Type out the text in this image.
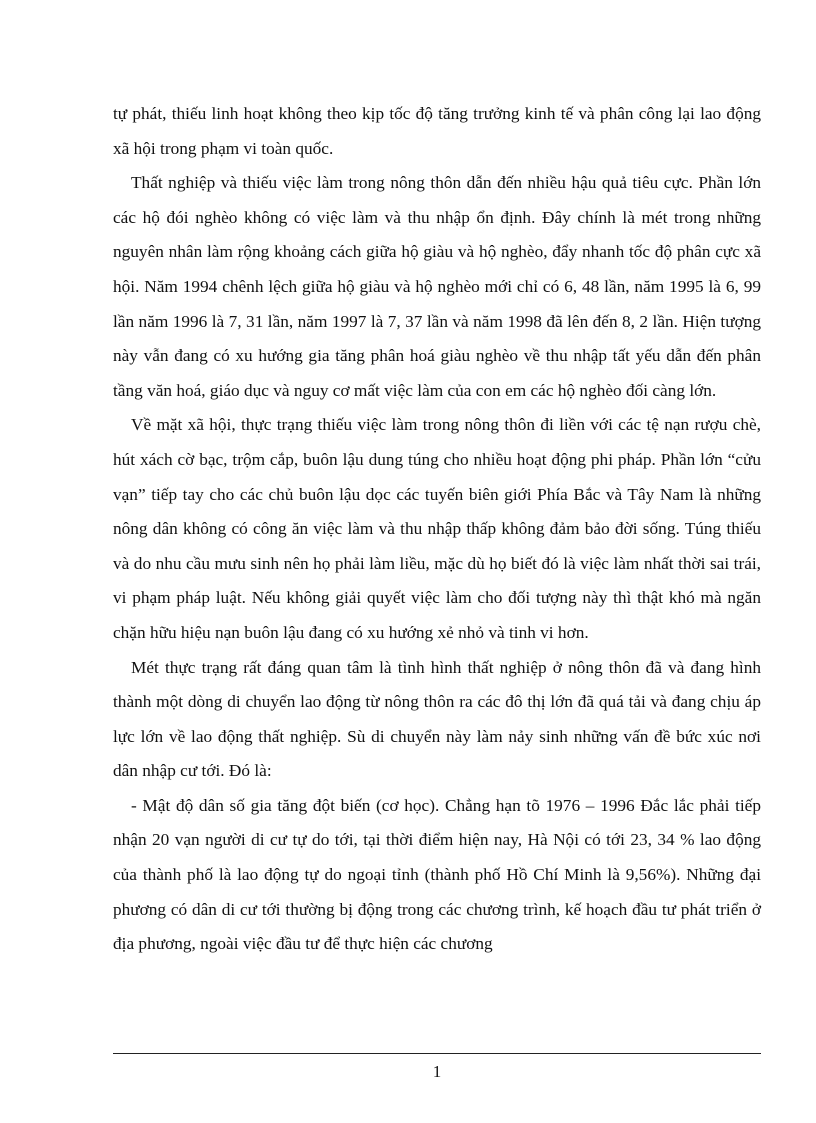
tự phát, thiếu linh hoạt không theo kịp tốc độ tăng trưởng kinh tế và phân công lại lao động xã hội trong phạm vi toàn quốc.

Thất nghiệp và thiếu việc làm trong nông thôn dẫn đến nhiều hậu quả tiêu cực. Phần lớn các hộ đói nghèo không có việc làm và thu nhập ổn định. Đây chính là mét trong những nguyên nhân làm rộng khoảng cách giữa hộ giàu và hộ nghèo, đẩy nhanh tốc độ phân cực xã hội. Năm 1994 chênh lệch giữa hộ giàu và hộ nghèo mới chỉ có 6, 48 lần, năm 1995 là 6, 99 lần năm 1996 là 7, 31 lần, năm 1997 là 7, 37 lần và năm 1998 đã lên đến 8, 2 lần. Hiện tượng này vẫn đang có xu hướng gia tăng phân hoá giàu nghèo về thu nhập tất yếu dẫn đến phân tầng văn hoá, giáo dục và nguy cơ mất việc làm của con em các hộ nghèo đối càng lớn.

Về mặt xã hội, thực trạng thiếu việc làm trong nông thôn đi liền với các tệ nạn rượu chè, hút xách cờ bạc, trộm cắp, buôn lậu dung túng cho nhiều hoạt động phi pháp. Phần lớn “cửu vạn” tiếp tay cho các chủ buôn lậu dọc các tuyến biên giới Phía Bắc và Tây Nam là những nông dân không có công ăn việc làm và thu nhập thấp không đảm bảo đời sống. Túng thiếu và do nhu cầu mưu sinh nên họ phải làm liều, mặc dù họ biết đó là việc làm nhất thời sai trái, vi phạm pháp luật. Nếu không giải quyết việc làm cho đối tượng này thì thật khó mà ngăn chặn hữu hiệu nạn buôn lậu đang có xu hướng xẻ nhỏ và tinh vi hơn.

Mét thực trạng rất đáng quan tâm là tình hình thất nghiệp ở nông thôn đã và đang hình thành một dòng di chuyển lao động từ nông thôn ra các đô thị lớn đã quá tải và đang chịu áp lực lớn về lao động thất nghiệp. Sù di chuyển này làm nảy sinh những vấn đề bức xúc nơi dân nhập cư tới. Đó là:

- Mật độ dân số gia tăng đột biến (cơ học). Chẳng hạn tõ 1976 – 1996 Đắc lắc phải tiếp nhận 20 vạn người di cư tự do tới, tại thời điểm hiện nay, Hà Nội có tới 23, 34 % lao động của thành phố là lao động tự do ngoại tỉnh (thành phố Hồ Chí Minh là 9,56%). Những đại phương có dân di cư tới thường bị động trong các chương trình, kế hoạch đầu tư phát triển ở địa phương, ngoài việc đầu tư để thực hiện các chương

1
